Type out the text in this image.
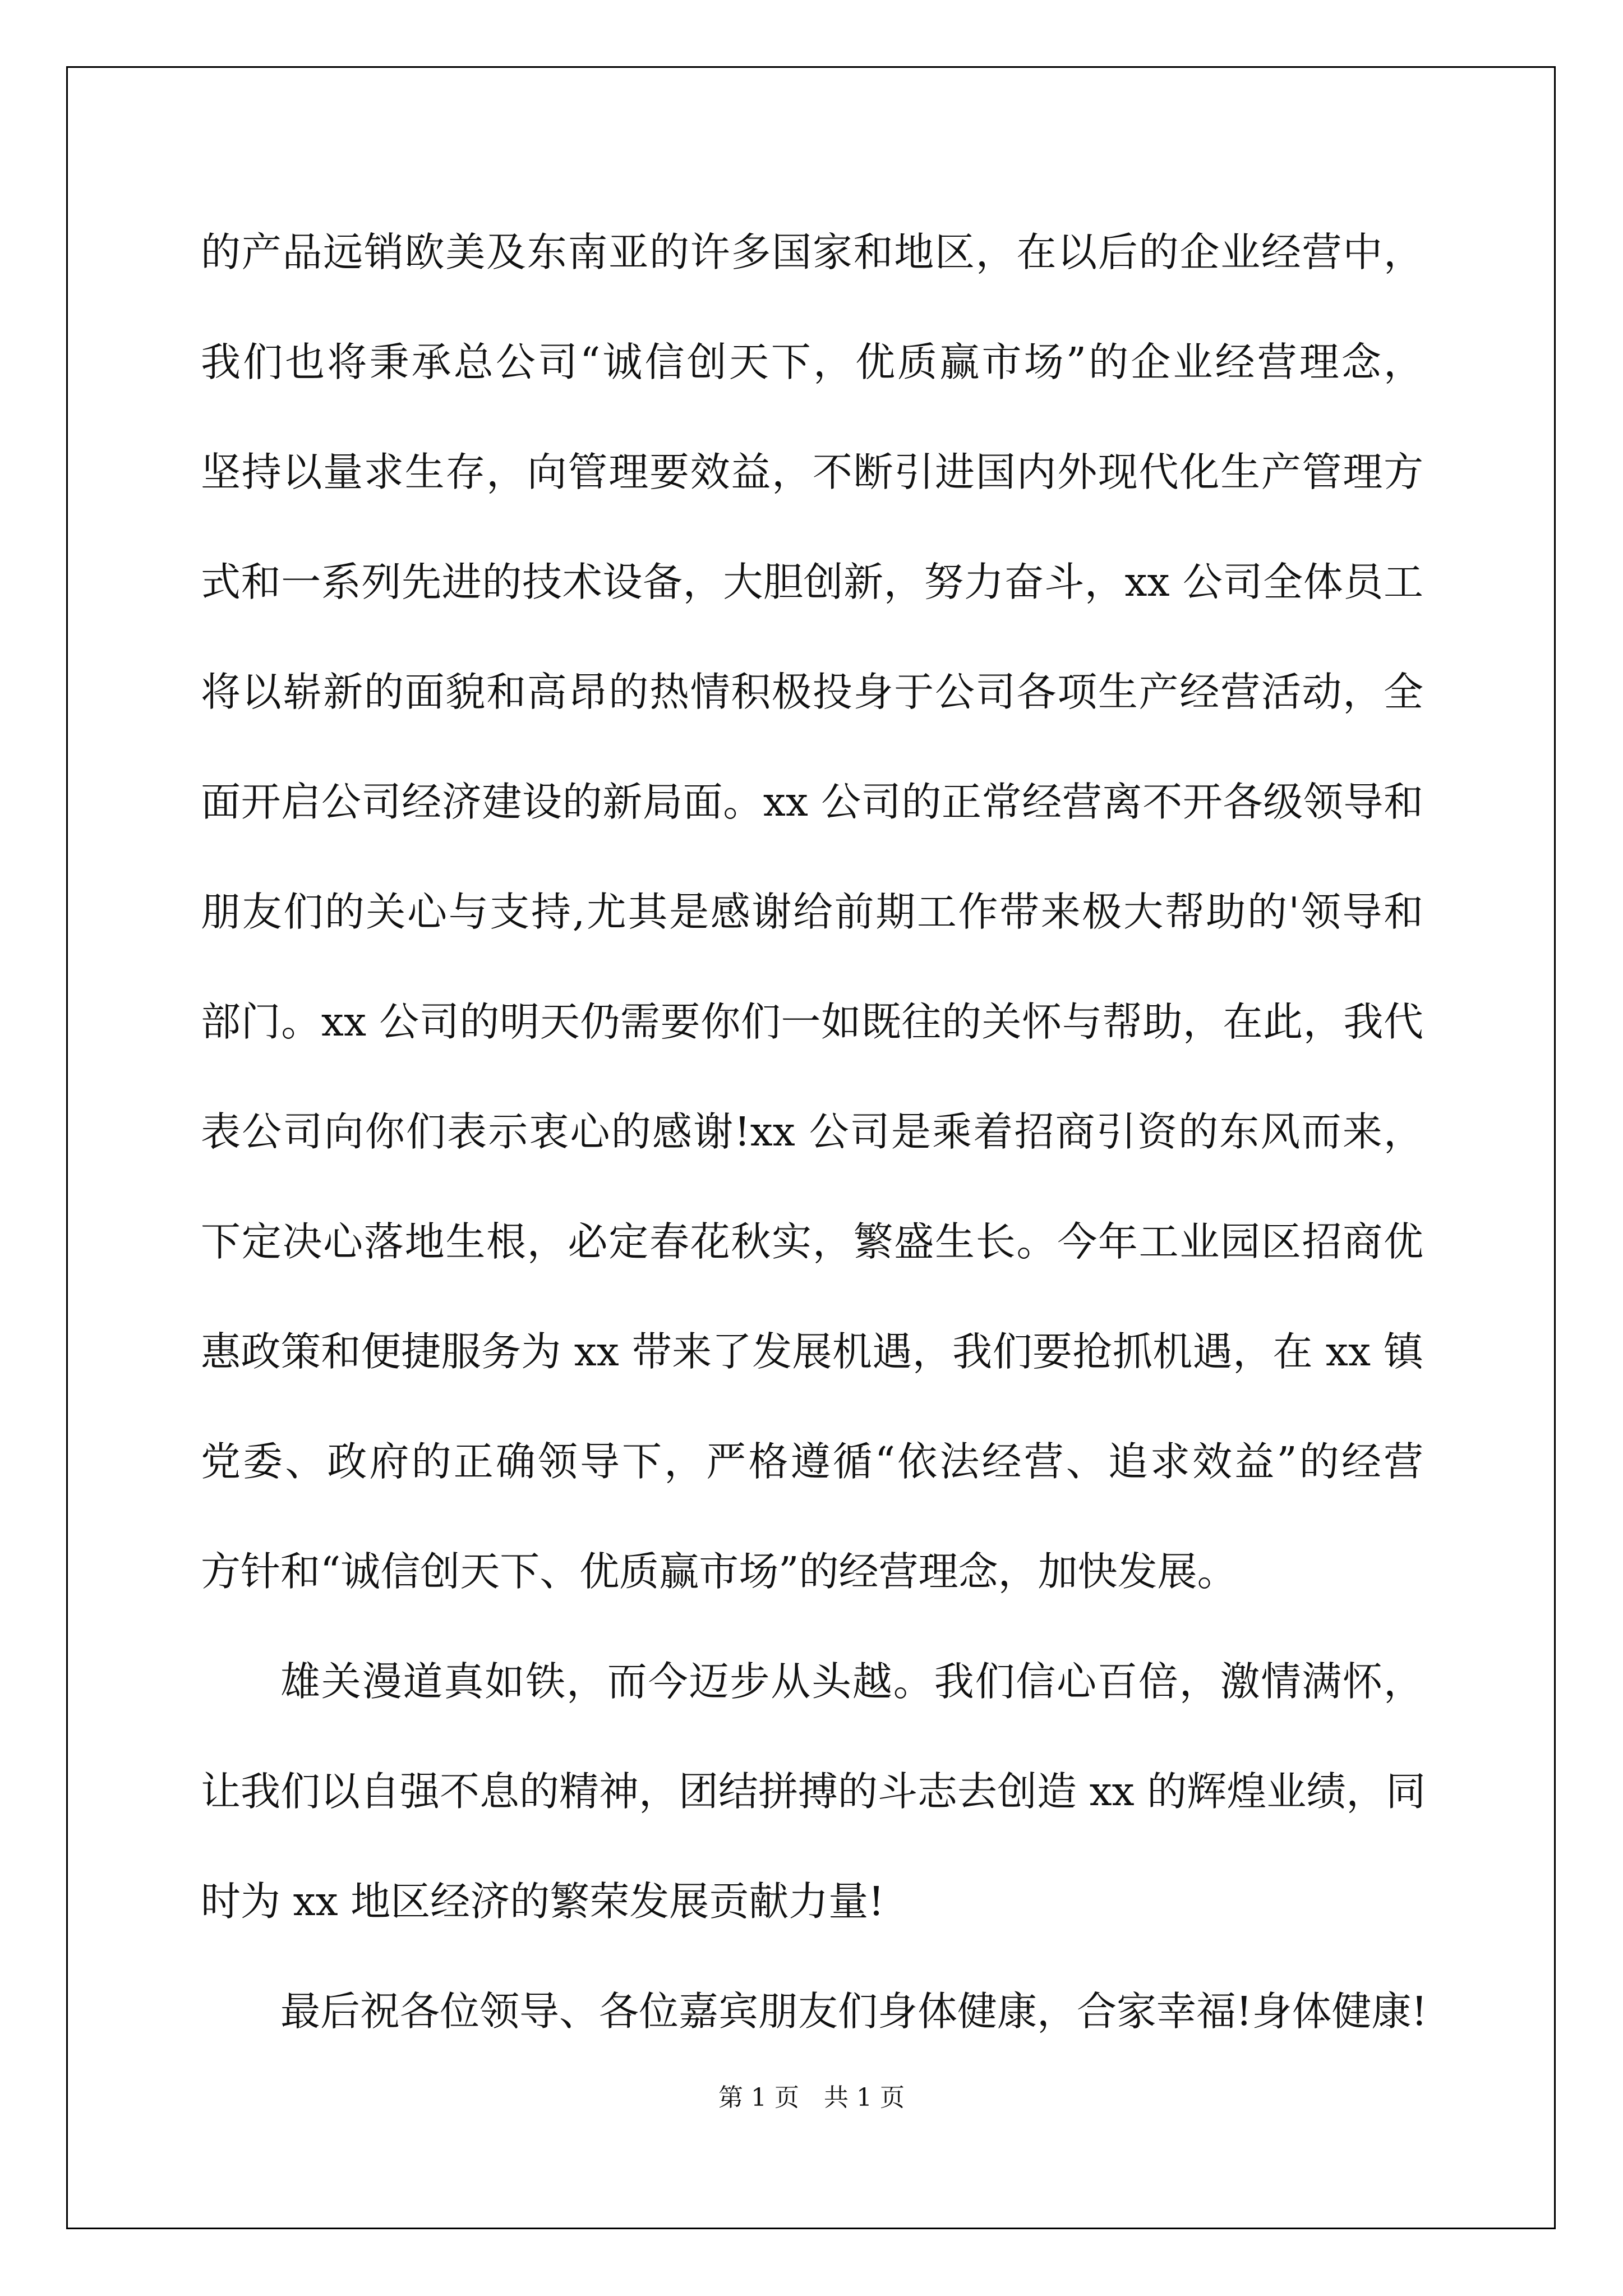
的产品远销欧美及东南亚的许多国家和地区，在以后的企业经营中，
我们也将秉承总公司“诚信创天下，优质赢市场”的企业经营理念，
坚持以量求生存，向管理要效益，不断引进国内外现代化生产管理方
式和一系列先进的技术设备，大胆创新，努力奋斗，xx 公司全体员工
将以崭新的面貌和高昂的热情积极投身于公司各项生产经营活动，全
面开启公司经济建设的新局面。xx 公司的正常经营离不开各级领导和
朋友们的关心与支持,尤其是感谢给前期工作带来极大帮助的'领导和
部门。xx 公司的明天仍需要你们一如既往的关怀与帮助，在此，我代
表公司向你们表示衷心的感谢!xx 公司是乘着招商引资的东风而来，
下定决心落地生根，必定春花秋实，繁盛生长。今年工业园区招商优
惠政策和便捷服务为 xx 带来了发展机遇，我们要抢抓机遇，在 xx 镇
党委、政府的正确领导下，严格遵循“依法经营、追求效益”的经营
方针和“诚信创天下、优质赢市场”的经营理念，加快发展。
雄关漫道真如铁，而今迈步从头越。我们信心百倍，激情满怀，
让我们以自强不息的精神，团结拼搏的斗志去创造 xx 的辉煌业绩，同
时为 xx 地区经济的繁荣发展贡献力量!
最后祝各位领导、各位嘉宾朋友们身体健康，合家幸福!身体健康!
第 1 页　共 1 页
